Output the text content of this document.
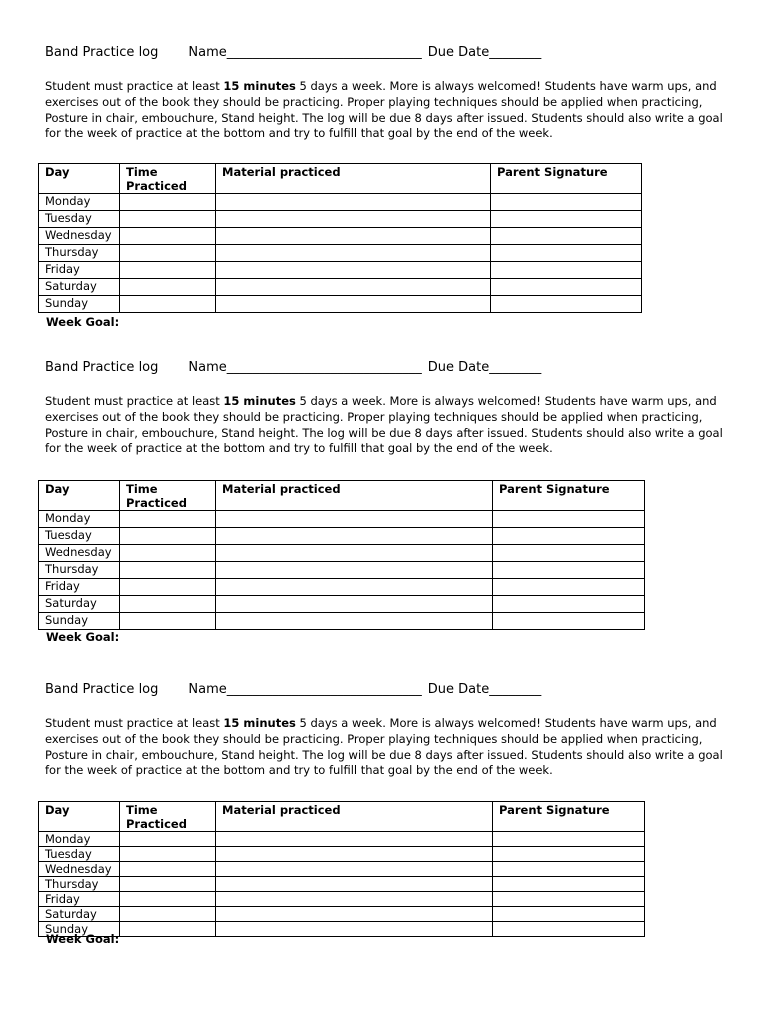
Band Practice log Name______________________________ Due Date________
Student must practice at least 15 minutes 5 days a week. More is always welcomed! Students have warm ups, and exercises out of the book they should be practicing. Proper playing techniques should be applied when practicing, Posture in chair, embouchure, Stand height. The log will be due 8 days after issued. Students should also write a goal for the week of practice at the bottom and try to fulfill that goal by the end of the week.
Day	Time Practiced	Material practiced	Parent Signature
Monday			
Tuesday			
Wednesday			
Thursday			
Friday			
Saturday			
Sunday			
Week Goal:
Band Practice log Name______________________________ Due Date________
Student must practice at least 15 minutes 5 days a week. More is always welcomed! Students have warm ups, and exercises out of the book they should be practicing. Proper playing techniques should be applied when practicing, Posture in chair, embouchure, Stand height. The log will be due 8 days after issued. Students should also write a goal for the week of practice at the bottom and try to fulfill that goal by the end of the week.
Day	Time Practiced	Material practiced	Parent Signature
Monday			
Tuesday			
Wednesday			
Thursday			
Friday			
Saturday			
Sunday			
Week Goal:
Band Practice log Name______________________________ Due Date________
Student must practice at least 15 minutes 5 days a week. More is always welcomed! Students have warm ups, and exercises out of the book they should be practicing. Proper playing techniques should be applied when practicing, Posture in chair, embouchure, Stand height. The log will be due 8 days after issued. Students should also write a goal for the week of practice at the bottom and try to fulfill that goal by the end of the week.
Day	Time Practiced	Material practiced	Parent Signature
Monday			
Tuesday			
Wednesday			
Thursday			
Friday			
Saturday			
Sunday			
Week Goal:
